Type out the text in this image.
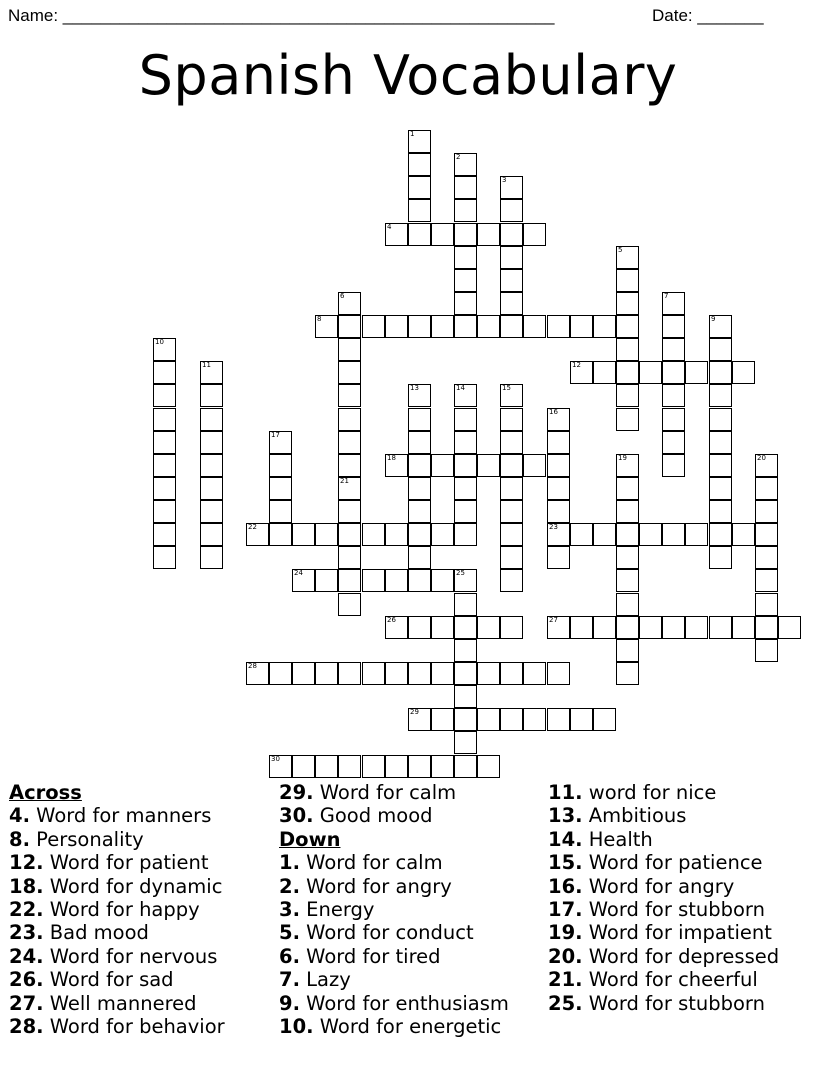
Name: ____________________________________________________	Date: _______
Spanish Vocabulary
1
2
3
4
5
6	7
8	9
10
11	12
13	14	15
16
23
17
18	19	20
21
22
24	25
26	27
28
29
30
Across
4. Word for manners
8. Personality
12. Word for patient
18. Word for dynamic
22. Word for happy
23. Bad mood
24. Word for nervous
26. Word for sad
27. Well mannered
28. Word for behavior
29. Word for calm
30. Good mood
Down
1. Word for calm
2. Word for angry
3. Energy
5. Word for conduct
6. Word for tired
7. Lazy
9. Word for enthusiasm
10. Word for energetic
11. word for nice
13. Ambitious
14. Health
15. Word for patience
16. Word for angry
17. Word for stubborn
19. Word for impatient
20. Word for depressed
21. Word for cheerful
25. Word for stubborn
